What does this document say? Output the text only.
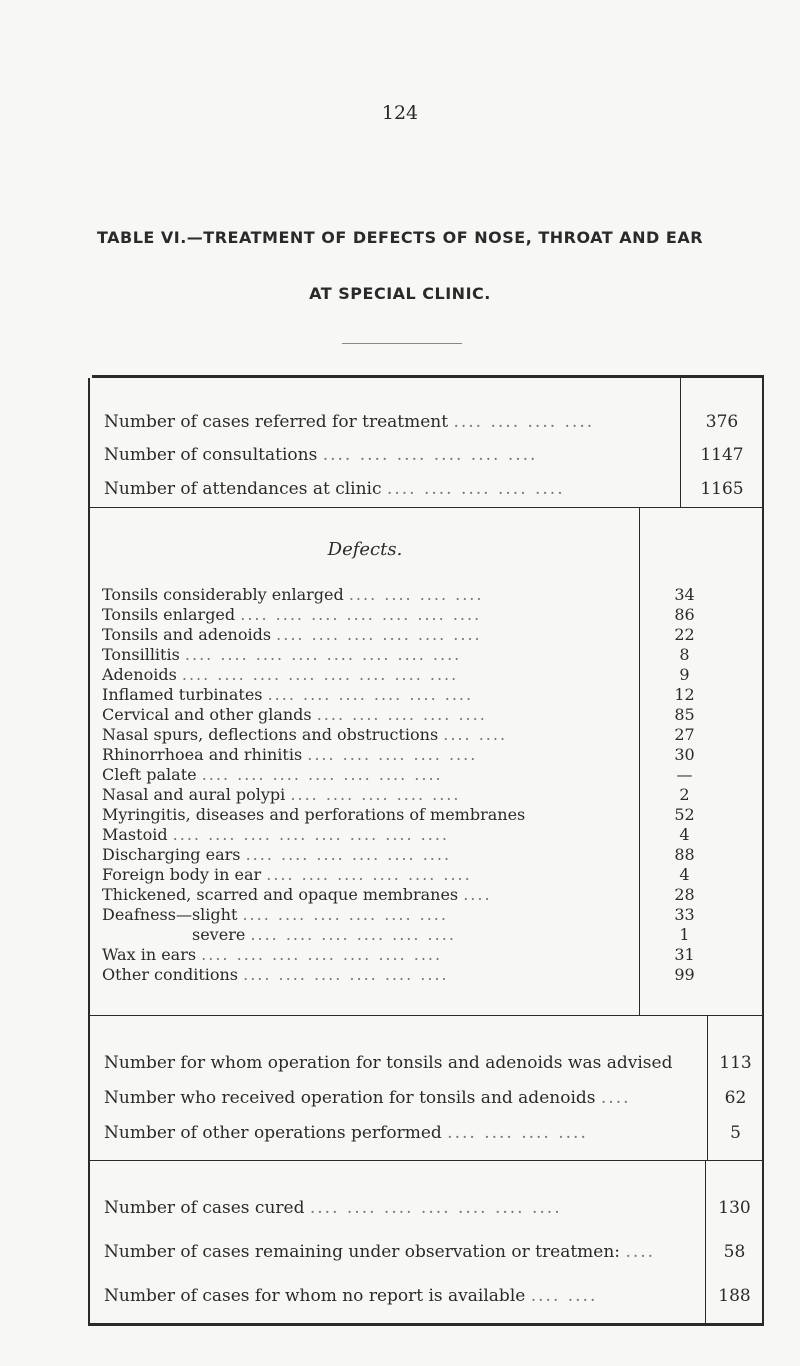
124
TABLE VI.—TREATMENT OF DEFECTS OF NOSE, THROAT AND EAR
AT SPECIAL CLINIC.
Number of cases referred for treatment .... .... .... ....	376
Number of consultations .... .... .... .... .... ....	1147
Number of attendances at clinic .... .... .... .... ....	1165
Defects.
Tonsils considerably enlarged .... .... .... ....	34
Tonsils enlarged .... .... .... .... .... .... ....	86
Tonsils and adenoids .... .... .... .... .... ....	22
Tonsillitis .... .... .... .... .... .... .... ....	8
Adenoids .... .... .... .... .... .... .... ....	9
Inflamed turbinates .... .... .... .... .... ....	12
Cervical and other glands .... .... .... .... ....	85
Nasal spurs, deflections and obstructions .... ....	27
Rhinorrhoea and rhinitis .... .... .... .... ....	30
Cleft palate .... .... .... .... .... .... ....	—
Nasal and aural polypi .... .... .... .... ....	2
Myringitis, diseases and perforations of membranes	52
Mastoid .... .... .... .... .... .... .... ....	4
Discharging ears .... .... .... .... .... ....	88
Foreign body in ear .... .... .... .... .... ....	4
Thickened, scarred and opaque membranes ....	28
Deafness—slight .... .... .... .... .... ....	33
severe .... .... .... .... .... ....	1
Wax in ears .... .... .... .... .... .... ....	31
Other conditions .... .... .... .... .... ....	99
Number for whom operation for tonsils and adenoids was advised	113
Number who received operation for tonsils and adenoids ....	62
Number of other operations performed .... .... .... ....	5
Number of cases cured .... .... .... .... .... .... ....	130
Number of cases remaining under observation or treatmen: ....	58
Number of cases for whom no report is available .... ....	188
